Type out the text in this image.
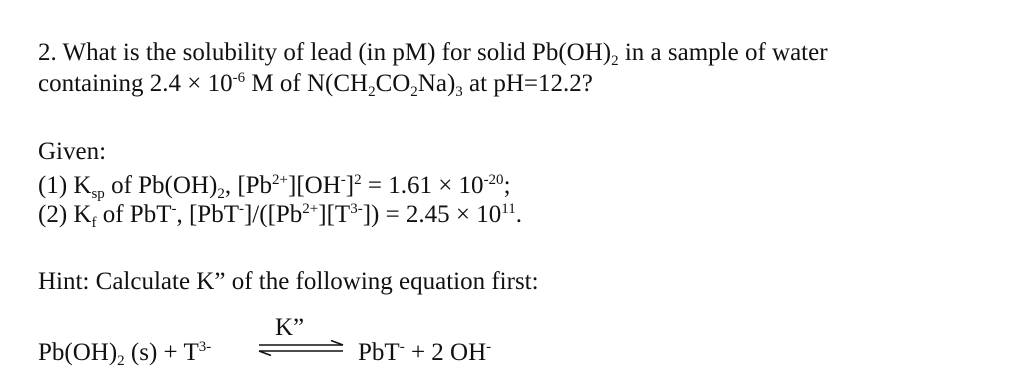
2. What is the solubility of lead (in pM) for solid $Pb(OH)_2$ in a sample of water
containing $2.4 \times 10^{-6}$ M of $N(CH_2CO_2Na)_3$ at pH=12.2?
Given:
(1) $K_{sp}$ of $Pb(OH)_2$, $[Pb^{2+}][OH^-]^2 = 1.61 \times 10^{-20}$;
(2) $K_f$ of PbT-, $[PbT^-]/([Pb^{2+}][T^{3-}]) = 2.45 \times 10^{11}$.
Hint: Calculate K” of the following equation first:
$Pb(OH)_2$ $(s) + T^{3-}$
K”
PbT- + 2 OH-
